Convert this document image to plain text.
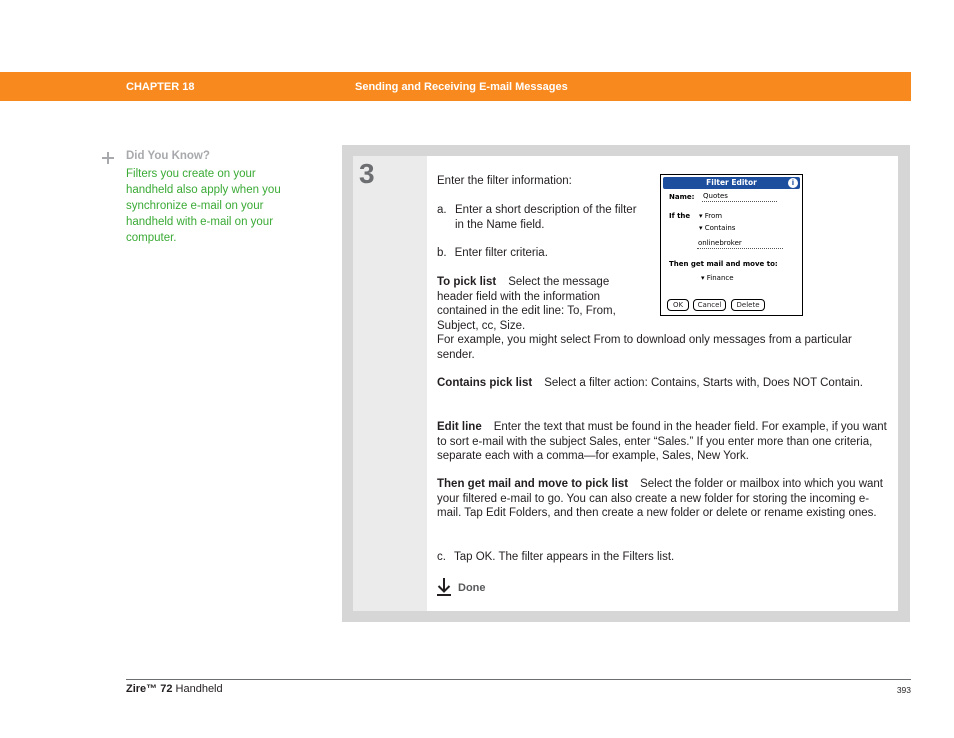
CHAPTER 18	Sending and Receiving E-mail Messages
Did You Know?
Filters you create on your handheld also apply when you synchronize e-mail on your handheld with e-mail on your computer.
3	Enter the filter information:
a. Enter a short description of the filter in the Name field.
b. Enter filter criteria.
To pick list Select the message header field with the information contained in the edit line: To, From, Subject, cc, Size.
For example, you might select From to download only messages from a particular sender.
Contains pick list Select a filter action: Contains, Starts with, Does NOT Contain.
Edit line Enter the text that must be found in the header field. For example, if you want to sort e-mail with the subject Sales, enter “Sales.” If you enter more than one criteria, separate each with a comma—for example, Sales, New York.
Then get mail and move to pick list Select the folder or mailbox into which you want your filtered e-mail to go. You can also create a new folder for storing the incoming e-mail. Tap Edit Folders, and then create a new folder or delete or rename existing ones.
c. Tap OK. The filter appears in the Filters list.
Done
Filter Editor	i
Name: Quotes
If the ▾ From
▾ Contains
onlinebroker
Then get mail and move to:
▾ Finance
OK	Cancel	Delete
Zire™ 72 Handheld	393
